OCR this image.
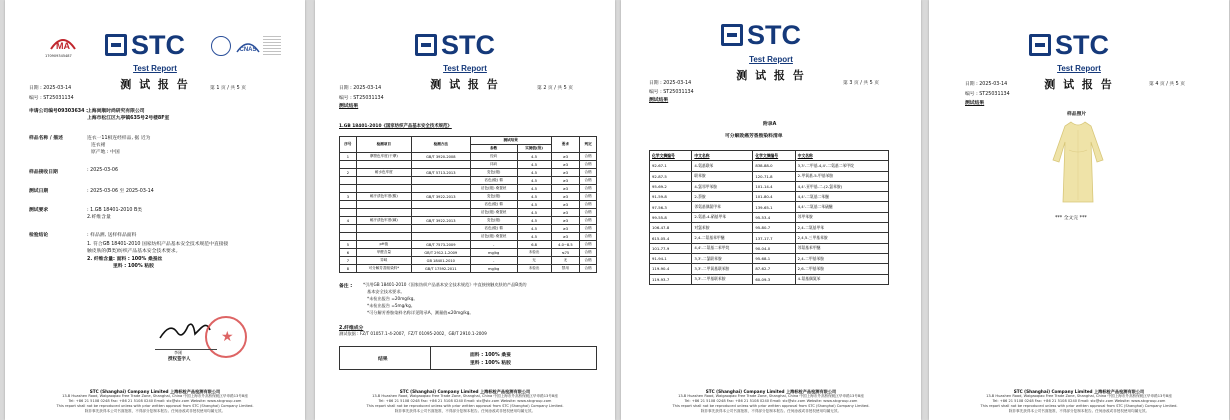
MA
170909345487 STC	CNAS
Test Report
测 试 报 告
日期 : 2025-03-14	第 1 页 / 共 5 页
编号 : ST25031134
申请公司编号09303634 :
上海尚顺时尚研究有限公司
上海市松江区九亭镇635号2号楼8F室
样品名称 / 描述	连衣一11相连经样品, 据 近为
连衣裙
原产地 : 中国
样品接收日期	: 2025-03-06
测试日期	: 2025-03-06 至 2025-03-14
测试要求	: 1.GB 18401-2010 B类
2.纤维含量
检验结论	: 样品测, 送样样品面料
1. 符合GB 18401-2010 国家纺织产品基本安全技术规范中直接接
触皮肤的(B类)纺织产品基本安全技术要求。
2. 纤维含量: 面料 : 100% 桑蚕丝
里料 : 100% 粘胶
★
李刚
授权签字人
STC (Shanghai) Company Limited 上海标检产品检测有限公司
13-B Huashen Road, Waigaoqiao Free Trade Zone, Shanghai, China 中国上海市外高桥保税区华申路13号B座
Tel: +86 21 5108 0248 Fax: +86 21 5108 0240 Email: stc@stc.com Website: www.stcgroup.com
This report shall not be reproduced unless with prior written approval from STC (Shanghai) Company Limited.
除非事先获得本公司书面批准，不得部分复制本报告。任何涂改或非授权使用均属无效。
STC
Test Report
测 试 报 告
日期 : 2025-03-14	第 2 页 / 共 5 页
编号 : ST25031134
测试结果
1.GB 18401-2010《国家纺织产品基本安全技术规范》
序号	检测项目	检测方法	测试结果		要求	判定
			参数	实测值(级)		
1	摩擦色牢度(干摩)	GB/T 3920-2008	经向	4-5	≥3	合格
			纬向	4-5	≥3	合格
2	耐水色牢度	GB/T 5713-2013	变色(级)	4-5	≥3	合格
			沾色(级) 棉	4-5	≥3	合格
			沾色(级) 桑蚕丝	4-5	≥3	合格
3	耐汗渍色牢度(酸)	GB/T 3922-2013	变色(级)	4-5	≥3	合格
			沾色(级) 棉	4-5	≥3	合格
			沾色(级) 桑蚕丝	4-5	≥3	合格
4	耐汗渍色牢度(碱)	GB/T 3922-2013	变色(级)	4-5	≥3	合格
			沾色(级) 棉	4-5	≥3	合格
			沾色(级) 桑蚕丝	4-5	≥3	合格
5	pH值	GB/T 7573-2009	-	6.8	4.0~8.5	合格
6	甲醛含量	GB/T 2912.1-2009	mg/kg	未检出	≤75	合格
7	异味	GB 18401-2010	-	无	无	合格
8	可分解芳香胺染料*	GB/T 17592-2011	mg/kg	未检出	禁用	合格
备注 :	*引用GB 18401-2010《国家纺织产品基本安全技术规范》中直接接触皮肤的产品B类的
基本安全技术要求。
*未检出报告 =20mg/kg。
*未检出报告 =5mg/kg。
*可分解芳香胺染料名称详见附录A，测量值≤20mg/kg。
2.纤维成分
测试依据 : FZ/T 01057.1-4-2007，FZ/T 01095-2002，GB/T 2910.1-2009
结果
面料 : 100% 桑蚕
里料 : 100% 粘胶
STC (Shanghai) Company Limited 上海标检产品检测有限公司
13-B Huashen Road, Waigaoqiao Free Trade Zone, Shanghai, China 中国上海市外高桥保税区华申路13号B座
Tel: +86 21 5108 0248 Fax: +86 21 5108 0240 Email: stc@stc.com Website: www.stcgroup.com
This report shall not be reproduced unless with prior written approval from STC (Shanghai) Company Limited.
除非事先获得本公司书面批准，不得部分复制本报告。任何涂改或非授权使用均属无效。
STC
Test Report
测 试 报 告
日期 : 2025-03-14	第 3 页 / 共 5 页
编号 : ST25031134
测试结果
附录A
可分解致癌芳香胺染料清单
化学文摘编号	中文名称	化学文摘编号	中文名称
92-67-1	4-氨基联苯	838-88-0	3,3'-二甲基-4,4'-二氨基二苯甲烷
92-87-5	联苯胺	120-71-8	2-甲氧基-5-甲基苯胺
95-69-2	4-氯邻甲苯胺	101-14-4	4,4'-亚甲基-二-(2-氯苯胺)
91-59-8	2-萘胺	101-80-4	4,4'-二氨基二苯醚
97-56-3	邻氨基偶氮甲苯	139-65-1	4,4'-二氨基二苯硫醚
99-55-8	2-氨基-4-硝基甲苯	95-53-4	邻甲苯胺
106-47-8	对氯苯胺	95-80-7	2,4-二氨基甲苯
615-05-4	2,4-二氨基苯甲醚	137-17-7	2,4,5-三甲基苯胺
101-77-9	4,4'-二氨基二苯甲烷	90-04-0	邻氨基苯甲醚
91-94-1	3,3'-二氯联苯胺	95-68-1	2,4-二甲基苯胺
119-90-4	3,3'-二甲氧基联苯胺	87-62-7	2,6-二甲基苯胺
119-93-7	3,3'-二甲基联苯胺	60-09-3	4-氨基偶氮苯
STC (Shanghai) Company Limited 上海标检产品检测有限公司
13-B Huashen Road, Waigaoqiao Free Trade Zone, Shanghai, China 中国上海市外高桥保税区华申路13号B座
Tel: +86 21 5108 0248 Fax: +86 21 5108 0240 Email: stc@stc.com Website: www.stcgroup.com
This report shall not be reproduced unless with prior written approval from STC (Shanghai) Company Limited.
除非事先获得本公司书面批准，不得部分复制本报告。任何涂改或非授权使用均属无效。
STC
Test Report
测 试 报 告
日期 : 2025-03-14	第 4 页 / 共 5 页
编号 : ST25031134
测试结果
样品照片
*** 全文完 ***
STC (Shanghai) Company Limited 上海标检产品检测有限公司
13-B Huashen Road, Waigaoqiao Free Trade Zone, Shanghai, China 中国上海市外高桥保税区华申路13号B座
Tel: +86 21 5108 0248 Fax: +86 21 5108 0240 Email: stc@stc.com Website: www.stcgroup.com
This report shall not be reproduced unless with prior written approval from STC (Shanghai) Company Limited.
除非事先获得本公司书面批准，不得部分复制本报告。任何涂改或非授权使用均属无效。
